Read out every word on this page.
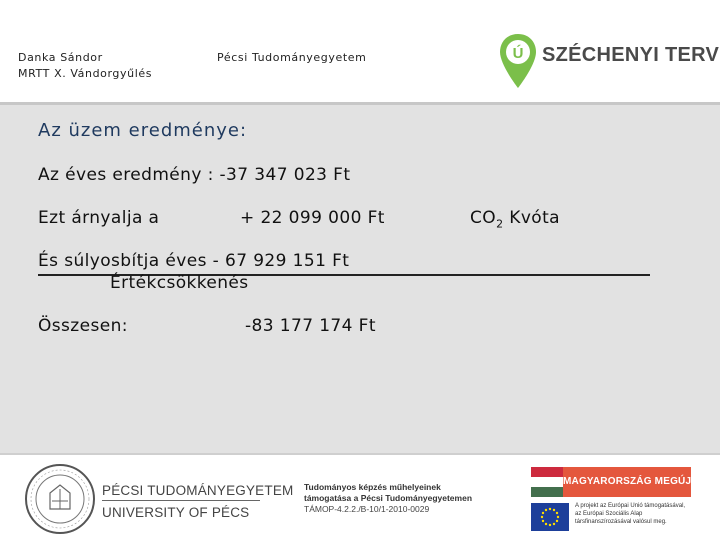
Danka Sándor
MRTT X. Vándorgyűlés
Pécsi Tudományegyetem	Ú SZÉCHENYI TERV
Az üzem eredménye:
Az éves eredmény : -37 347 023 Ft
Ezt árnyalja a	+ 22 099 000 Ft	$CO_2$ Kvóta
És súlyosbítja éves - 67 929 151 Ft
Értékcsökkenés
Összesen:	-83 177 174 Ft
PÉCSI TUDOMÁNYEGYETEM
UNIVERSITY OF PÉCS
Tudományos képzés műhelyeinek
támogatása a Pécsi Tudományegyetemen
TÁMOP-4.2.2./B-10/1-2010-0029
MAGYARORSZÁG MEGÚJUL
A projekt az Európai Unió támogatásával,
az Európai Szociális Alap
társfinanszírozásával valósul meg.
